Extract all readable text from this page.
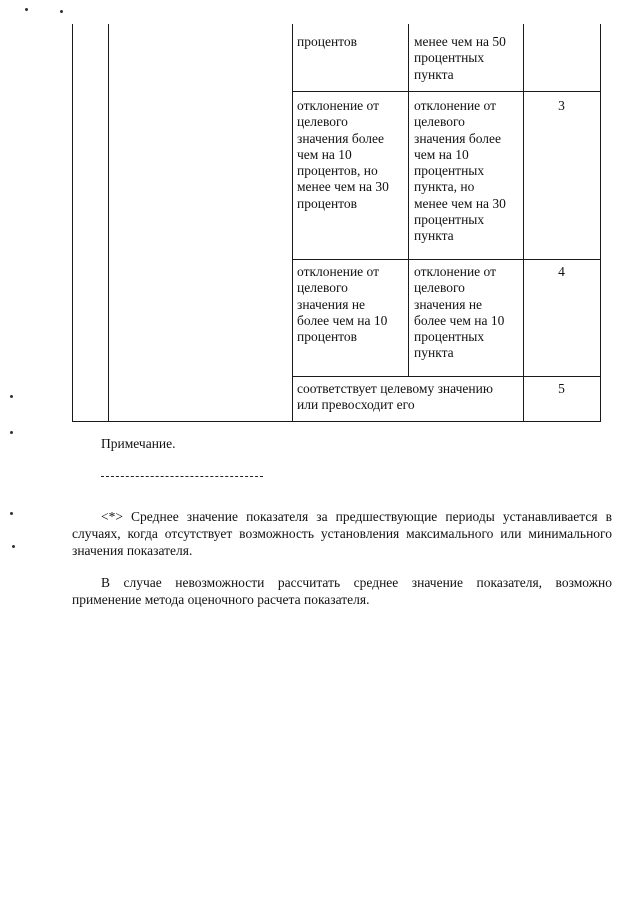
процентов	менее чем на 50
процентных
пункта
отклонение от
целевого
значения более
чем на 10
процентов, но
менее чем на 30
процентов
отклонение от
целевого
значения более
чем на 10
процентных
пункта, но
менее чем на 30
процентных
пункта
3
отклонение от
целевого
значения не
более чем на 10
процентов
отклонение от
целевого
значения не
более чем на 10
процентных
пункта
4
соответствует целевому значению
или превосходит его
5
Примечание.
<*> Среднее значение показателя за предшествующие периоды устанавливается в случаях, когда отсутствует возможность установления максимального или минимального значения показателя.
В случае невозможности рассчитать среднее значение показателя, возможно применение метода оценочного расчета показателя.
